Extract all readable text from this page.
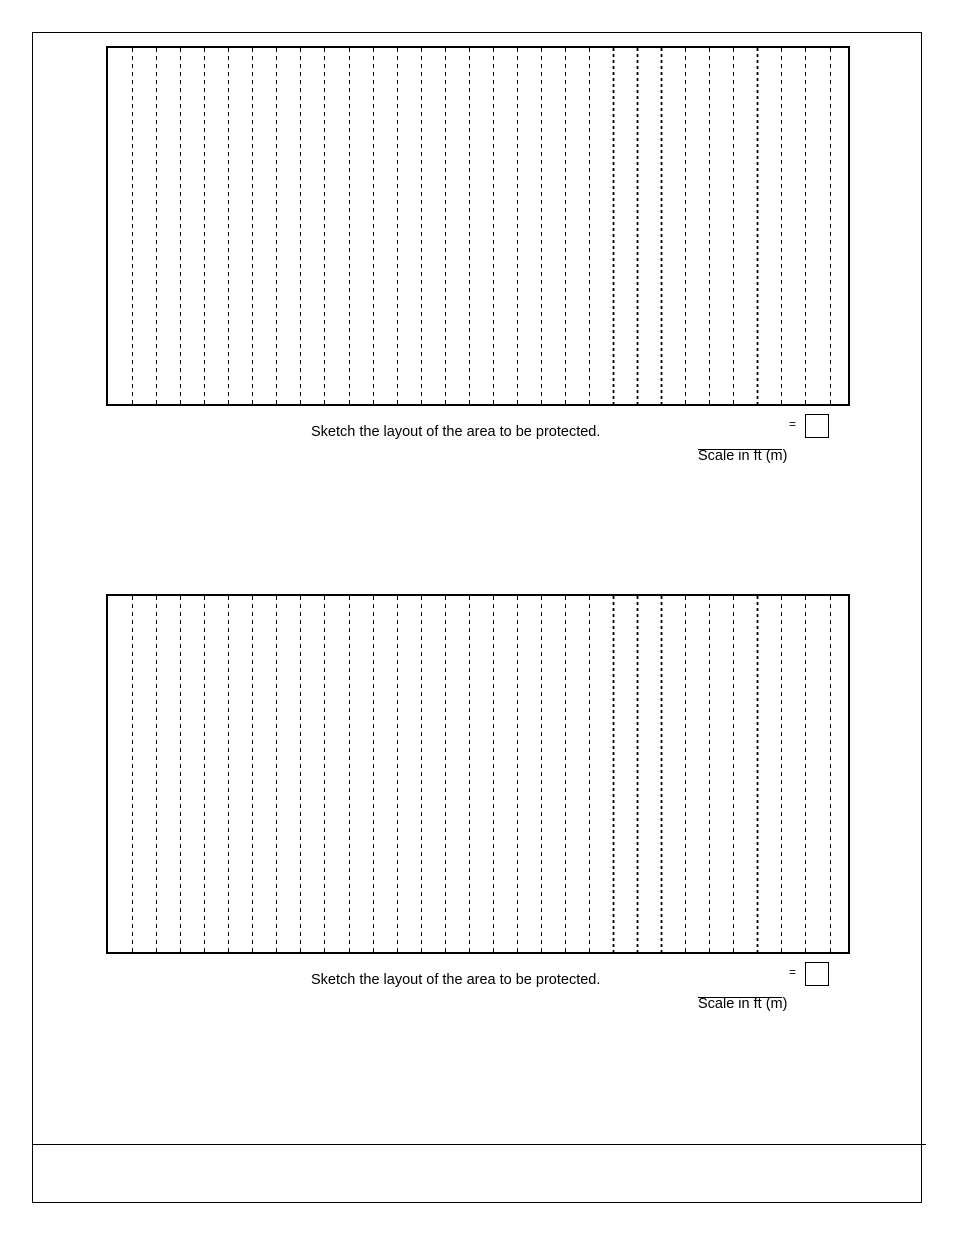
Sketch the layout of the area to be protected.	=
Scale in ft (m)
Sketch the layout of the area to be protected.	=
Scale in ft (m)
